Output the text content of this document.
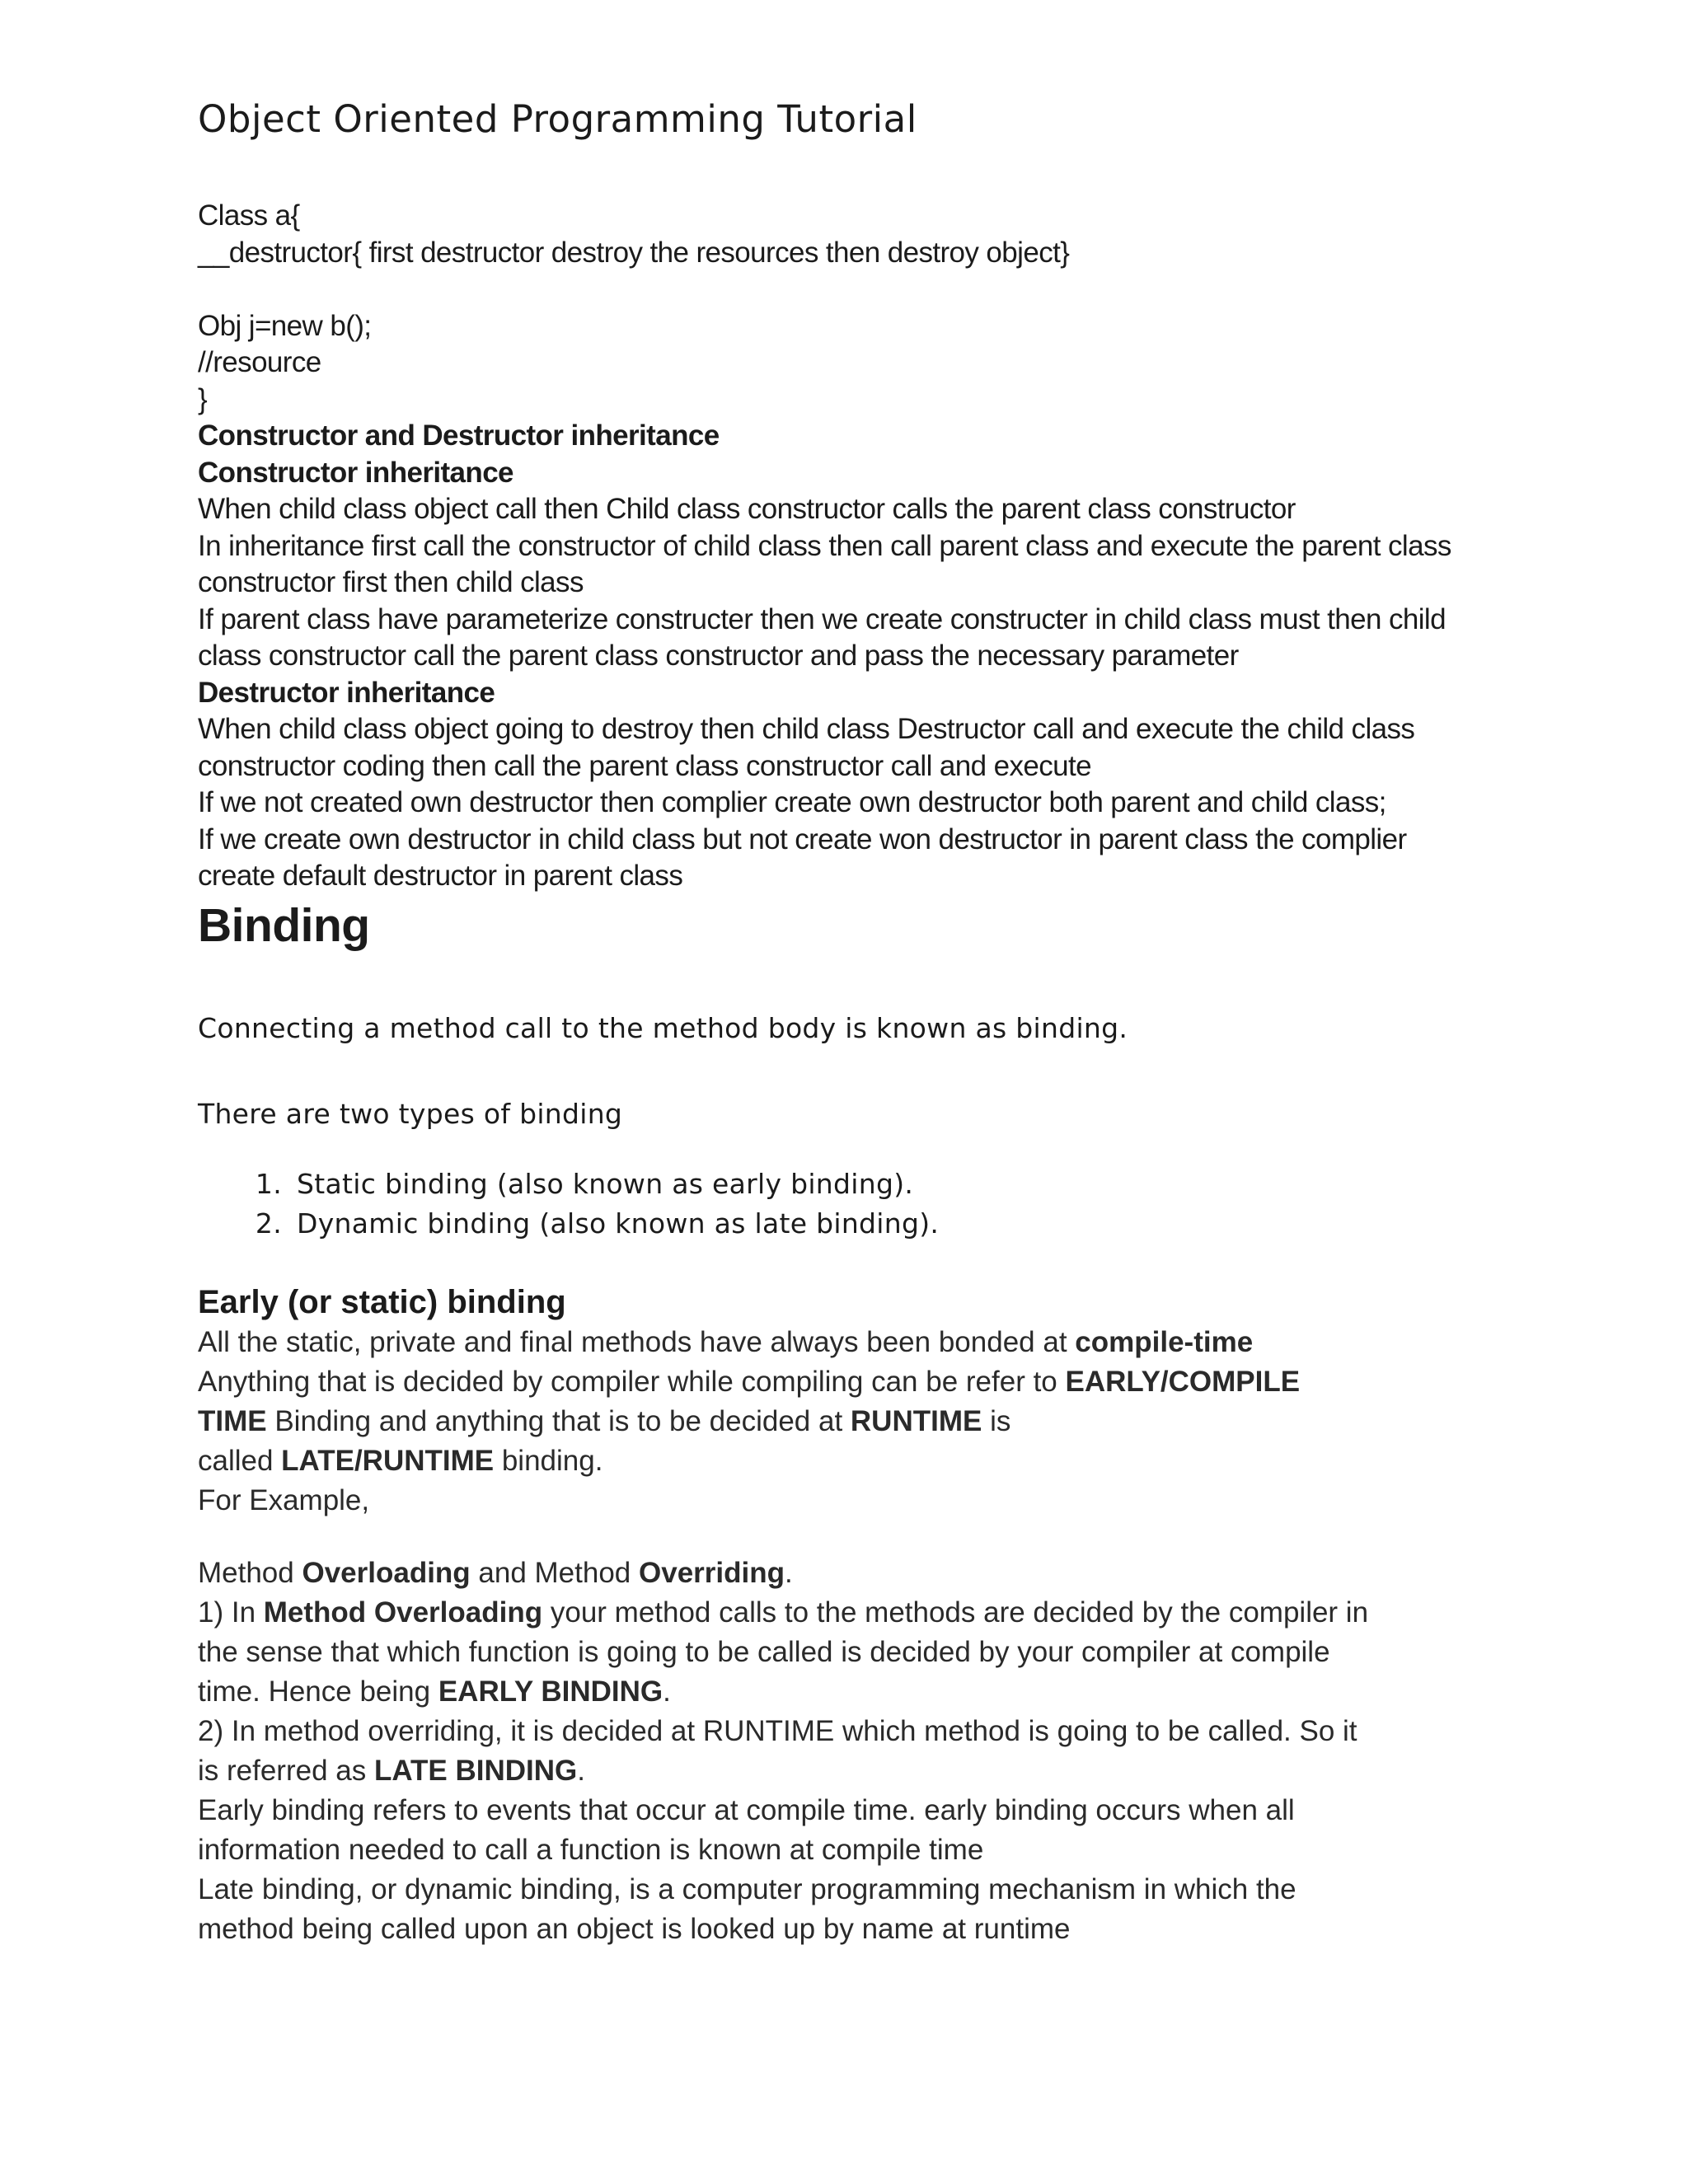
Object Oriented Programming Tutorial
Class a{
__destructor{ first destructor destroy the resources then destroy object}
Obj j=new b();
//resource
}
Constructor and Destructor inheritance
Constructor inheritance
When child class object call then Child class constructor calls the parent class constructor
In inheritance first call the constructor of child class then call parent class and execute the parent class
constructor first then child class
If parent class have parameterize constructer then we create constructer in child class must then child
class constructor call the parent class constructor and pass the necessary parameter
Destructor inheritance
When child class object going to destroy then child class Destructor call and execute the child class
constructor coding then call the parent class constructor call and execute
If we not created own destructor then complier create own destructor both parent and child class;
If we create own destructor in child class but not create won destructor in parent class the complier
create default destructor in parent class
Binding

Connecting a method call to the method body is known as binding.

There are two types of binding

1. Static binding (also known as early binding).
2. Dynamic binding (also known as late binding).
Early (or static) binding
All the static, private and final methods have always been bonded at compile-time
Anything that is decided by compiler while compiling can be refer to EARLY/COMPILE
TIME Binding and anything that is to be decided at RUNTIME is
called LATE/RUNTIME binding.
For Example,
Method Overloading and Method Overriding.
1) In Method Overloading your method calls to the methods are decided by the compiler in
the sense that which function is going to be called is decided by your compiler at compile
time. Hence being EARLY BINDING.
2) In method overriding, it is decided at RUNTIME which method is going to be called. So it
is referred as LATE BINDING.
Early binding refers to events that occur at compile time. early binding occurs when all
information needed to call a function is known at compile time
Late binding, or dynamic binding, is a computer programming mechanism in which the
method being called upon an object is looked up by name at runtime
